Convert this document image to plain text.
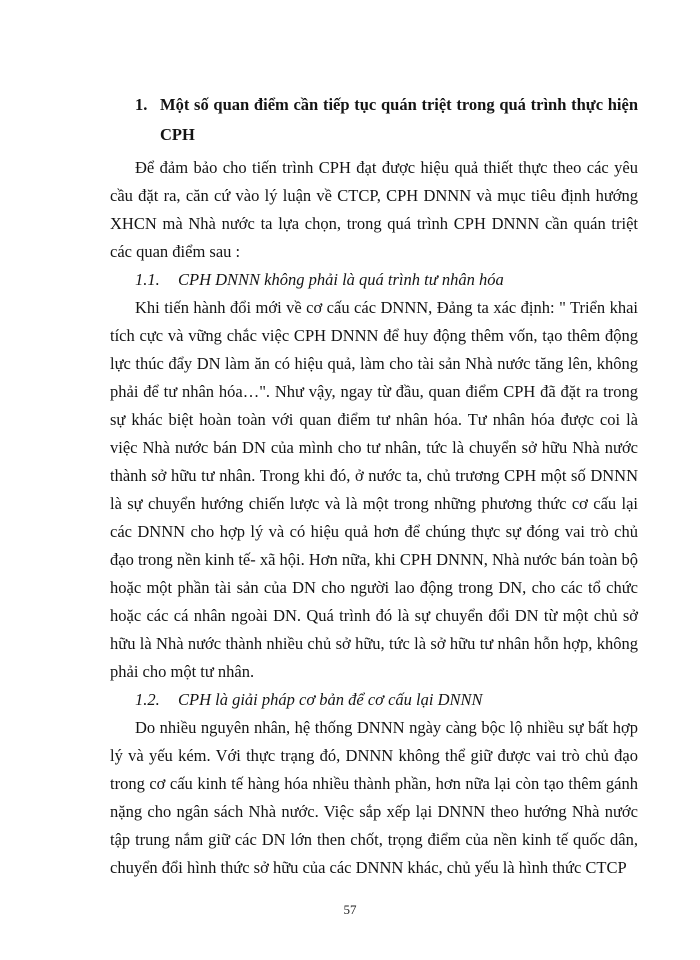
1. Một số quan điểm cần tiếp tục quán triệt trong quá trình thực hiện CPH

Để đảm bảo cho tiến trình CPH đạt được hiệu quả thiết thực theo các yêu cầu đặt ra, căn cứ vào lý luận về CTCP, CPH DNNN và mục tiêu định hướng XHCN mà Nhà nước ta lựa chọn, trong quá trình CPH DNNN cần quán triệt các quan điểm sau :

1.1. CPH DNNN không phải là quá trình tư nhân hóa

Khi tiến hành đổi mới về cơ cấu các DNNN, Đảng ta xác định: " Triển khai tích cực và vững chắc việc CPH DNNN để huy động thêm vốn, tạo thêm động lực thúc đẩy DN làm ăn có hiệu quả, làm cho tài sản Nhà nước tăng lên, không phải để tư nhân hóa…". Như vậy, ngay từ đầu, quan điểm CPH đã đặt ra trong sự khác biệt hoàn toàn với quan điểm tư nhân hóa. Tư nhân hóa được coi là việc Nhà nước bán DN của mình cho tư nhân, tức là chuyển sở hữu Nhà nước thành sở hữu tư nhân. Trong khi đó, ở nước ta, chủ trương CPH một số DNNN là sự chuyển hướng chiến lược và là một trong những phương thức cơ cấu lại các DNNN cho hợp lý và có hiệu quả hơn để chúng thực sự đóng vai trò chủ đạo trong nền kinh tế- xã hội. Hơn nữa, khi CPH DNNN, Nhà nước bán toàn bộ hoặc một phần tài sản của DN cho người lao động trong DN, cho các tổ chức hoặc các cá nhân ngoài DN. Quá trình đó là sự chuyển đổi DN từ một chủ sở hữu là Nhà nước thành nhiều chủ sở hữu, tức là sở hữu tư nhân hỗn hợp, không phải cho một tư nhân.

1.2. CPH là giải pháp cơ bản để cơ cấu lại DNNN

Do nhiều nguyên nhân, hệ thống DNNN ngày càng bộc lộ nhiều sự bất hợp lý và yếu kém. Với thực trạng đó, DNNN không thể giữ được vai trò chủ đạo trong cơ cấu kinh tế hàng hóa nhiều thành phần, hơn nữa lại còn tạo thêm gánh nặng cho ngân sách Nhà nước. Việc sắp xếp lại DNNN theo hướng Nhà nước tập trung nắm giữ các DN lớn then chốt, trọng điểm của nền kinh tế quốc dân, chuyển đổi hình thức sở hữu của các DNNN khác, chủ yếu là hình thức CTCP

57
